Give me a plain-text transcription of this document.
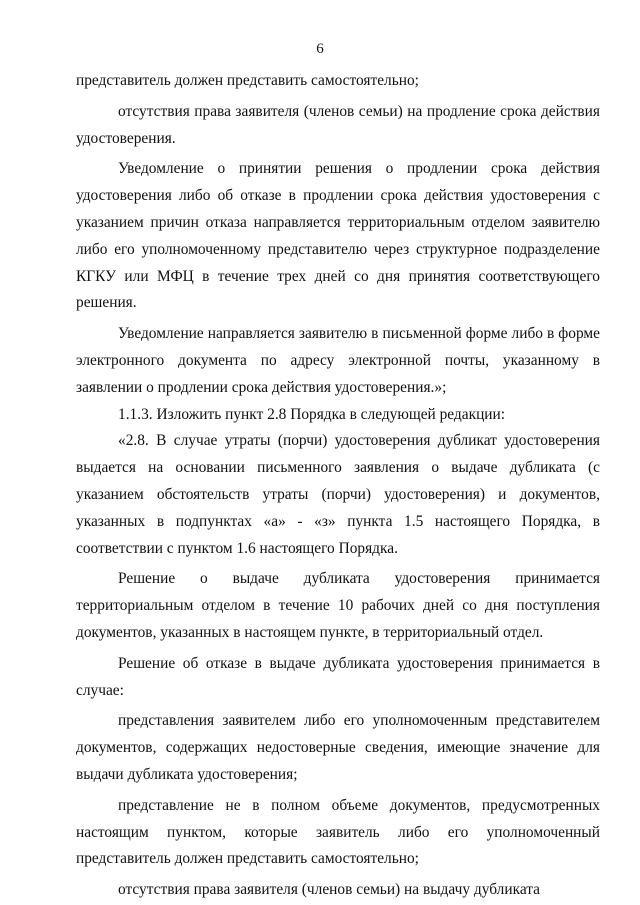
6

представитель должен представить самостоятельно;

отсутствия права заявителя (членов семьи) на продление срока действия удостоверения.

Уведомление о принятии решения о продлении срока действия удостоверения либо об отказе в продлении срока действия удостоверения с указанием причин отказа направляется территориальным отделом заявителю либо его уполномоченному представителю через структурное подразделение КГКУ или МФЦ в течение трех дней со дня принятия соответствующего решения.

Уведомление направляется заявителю в письменной форме либо в форме электронного документа по адресу электронной почты, указанному в заявлении о продлении срока действия удостоверения.»;

1.1.3. Изложить пункт 2.8 Порядка в следующей редакции:

«2.8. В случае утраты (порчи) удостоверения дубликат удостоверения выдается на основании письменного заявления о выдаче дубликата (с указанием обстоятельств утраты (порчи) удостоверения) и документов, указанных в подпунктах «а» - «з» пункта 1.5 настоящего Порядка, в соответствии с пунктом 1.6 настоящего Порядка.

Решение о выдаче дубликата удостоверения принимается территориальным отделом в течение 10 рабочих дней со дня поступления документов, указанных в настоящем пункте, в территориальный отдел.

Решение об отказе в выдаче дубликата удостоверения принимается в случае:

представления заявителем либо его уполномоченным представителем документов, содержащих недостоверные сведения, имеющие значение для выдачи дубликата удостоверения;

представление не в полном объеме документов, предусмотренных настоящим пунктом, которые заявитель либо его уполномоченный представитель должен представить самостоятельно;

отсутствия права заявителя (членов семьи) на выдачу дубликата
